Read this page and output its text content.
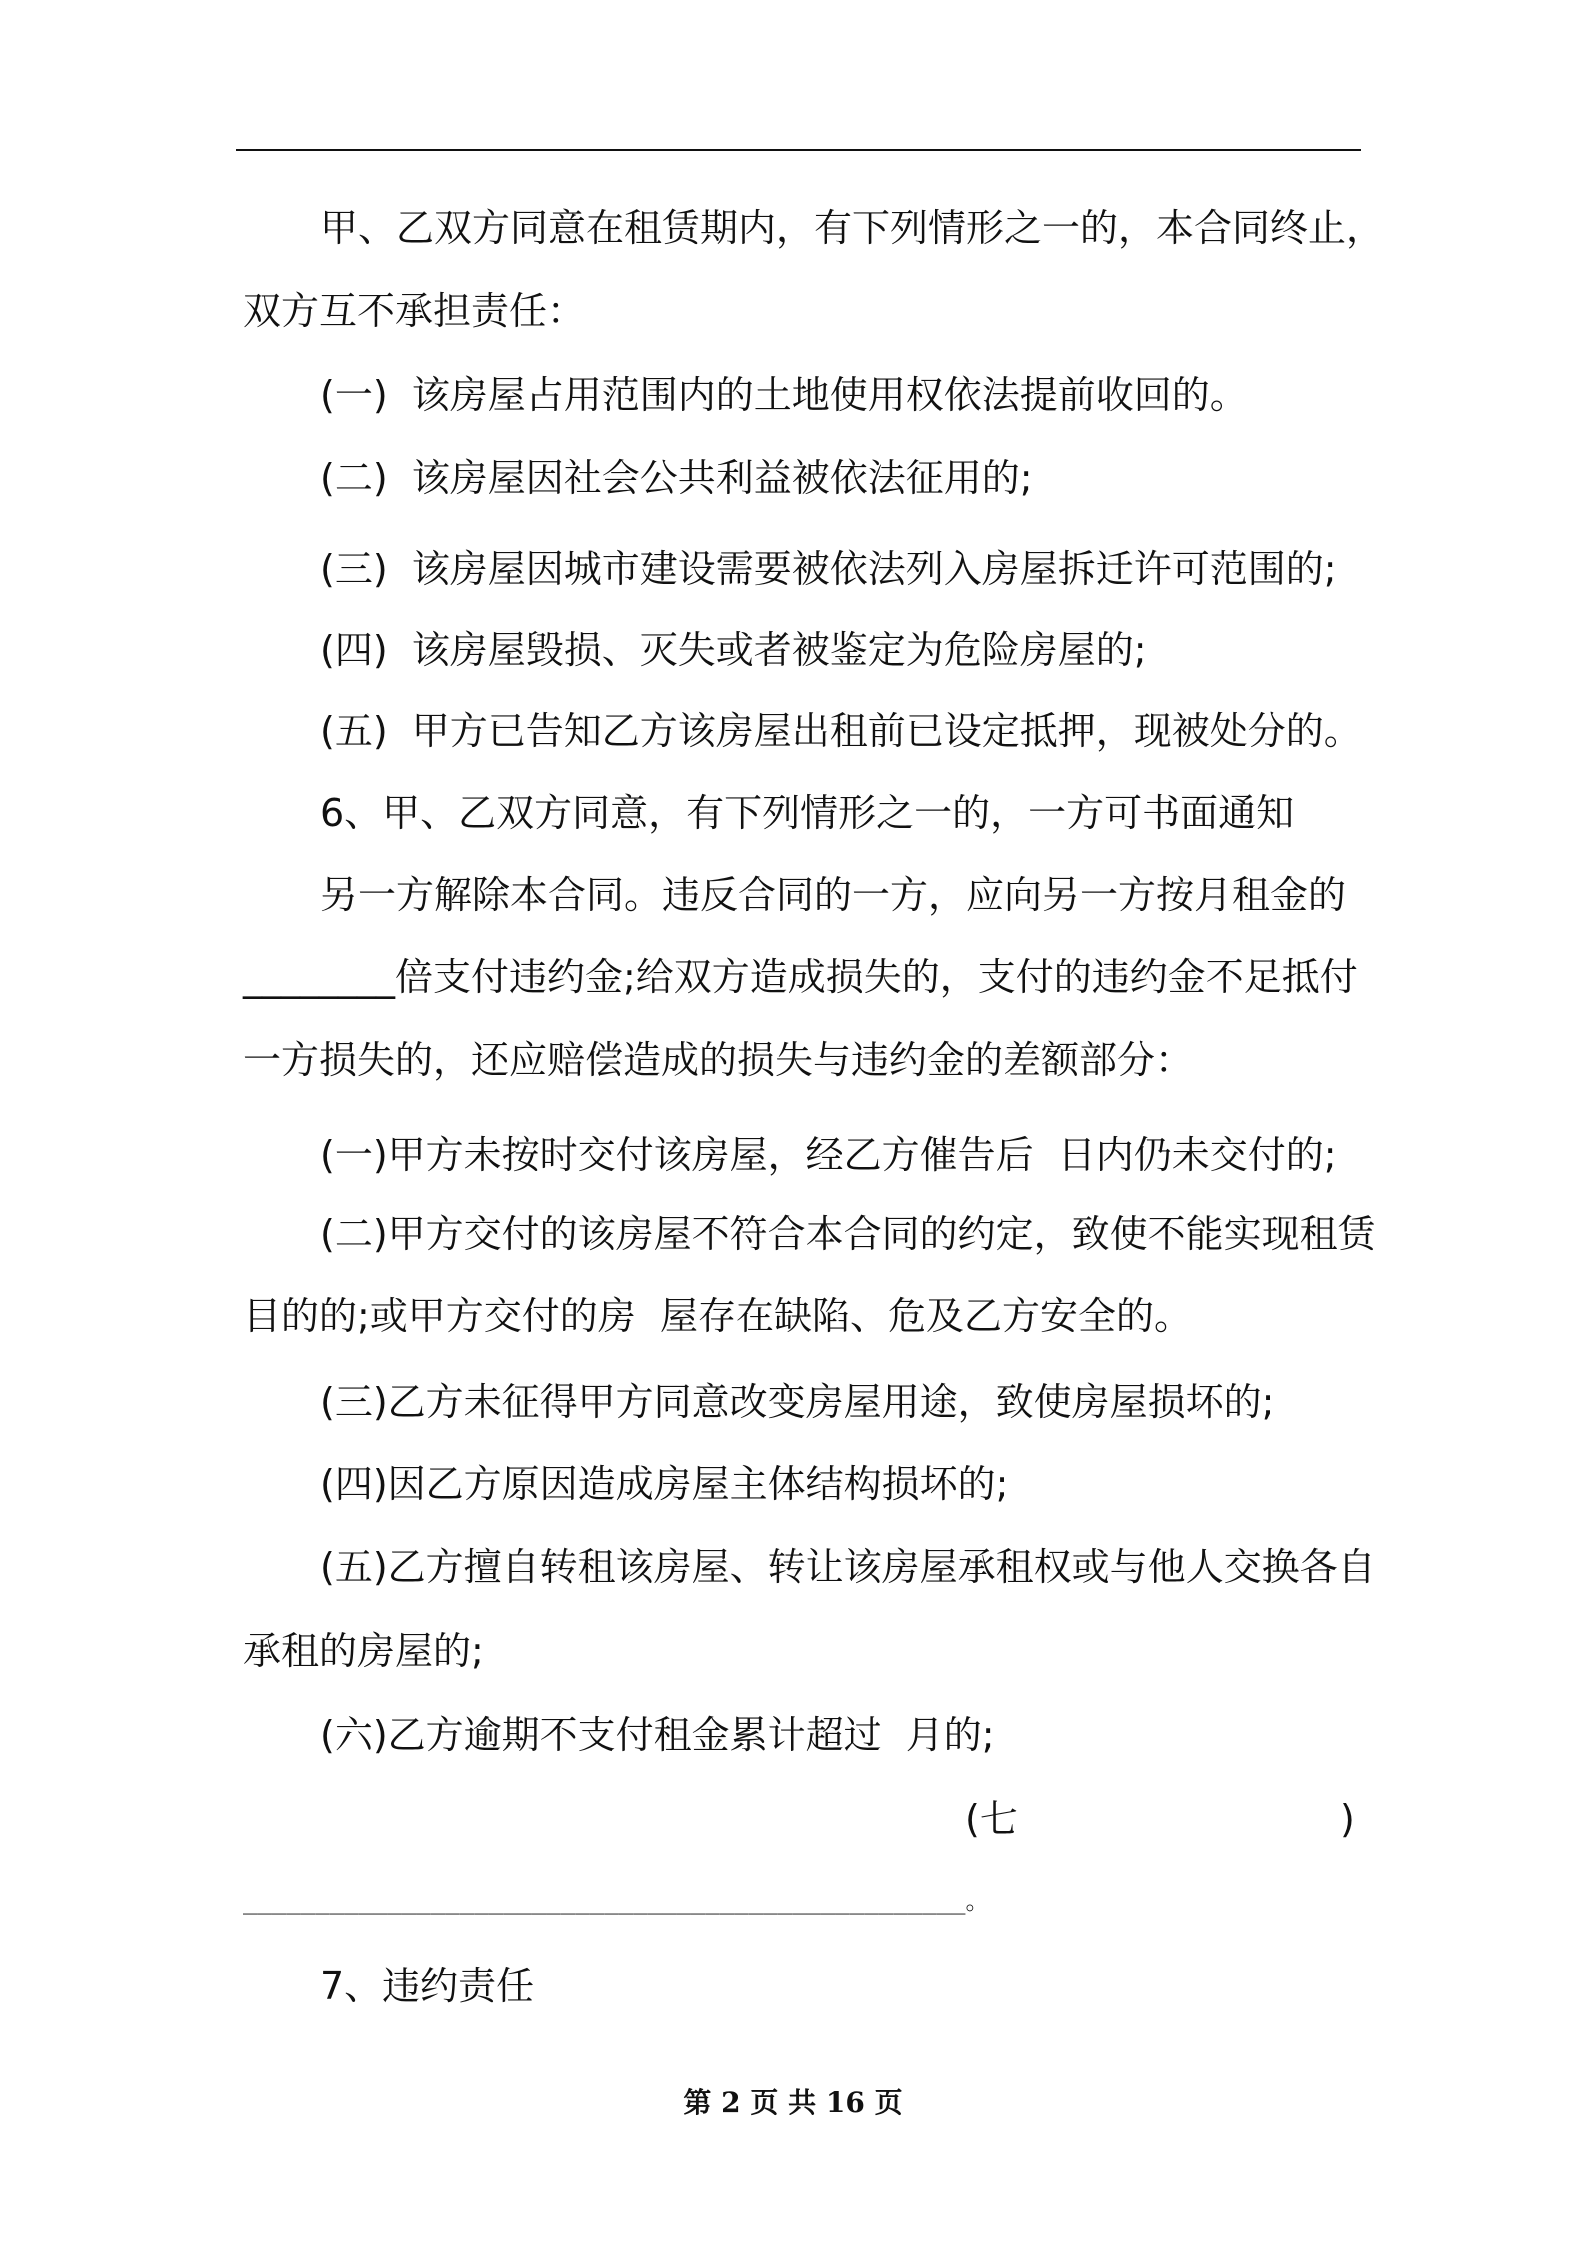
甲、乙双方同意在租赁期内，有下列情形之一的，本合同终止，
双方互不承担责任：
(一)  该房屋占用范围内的土地使用权依法提前收回的。
(二)  该房屋因社会公共利益被依法征用的;
(三)  该房屋因城市建设需要被依法列入房屋拆迁许可范围的;
(四)  该房屋毁损、灭失或者被鉴定为危险房屋的;
(五)  甲方已告知乙方该房屋出租前已设定抵押，现被处分的。
6、甲、乙双方同意，有下列情形之一的，一方可书面通知
另一方解除本合同。违反合同的一方，应向另一方按月租金的
________倍支付违约金;给双方造成损失的，支付的违约金不足抵付
一方损失的，还应赔偿造成的损失与违约金的差额部分：
(一)甲方未按时交付该房屋，经乙方催告后  日内仍未交付的;
(二)甲方交付的该房屋不符合本合同的约定，致使不能实现租赁
目的的;或甲方交付的房  屋存在缺陷、危及乙方安全的。
(三)乙方未征得甲方同意改变房屋用途，致使房屋损坏的;
(四)因乙方原因造成房屋主体结构损坏的;
(五)乙方擅自转租该房屋、转让该房屋承租权或与他人交换各自
承租的房屋的;
(六)乙方逾期不支付租金累计超过  月的;
(七	)
__________________________________________________。
7、违约责任
第 2 页 共 16 页
